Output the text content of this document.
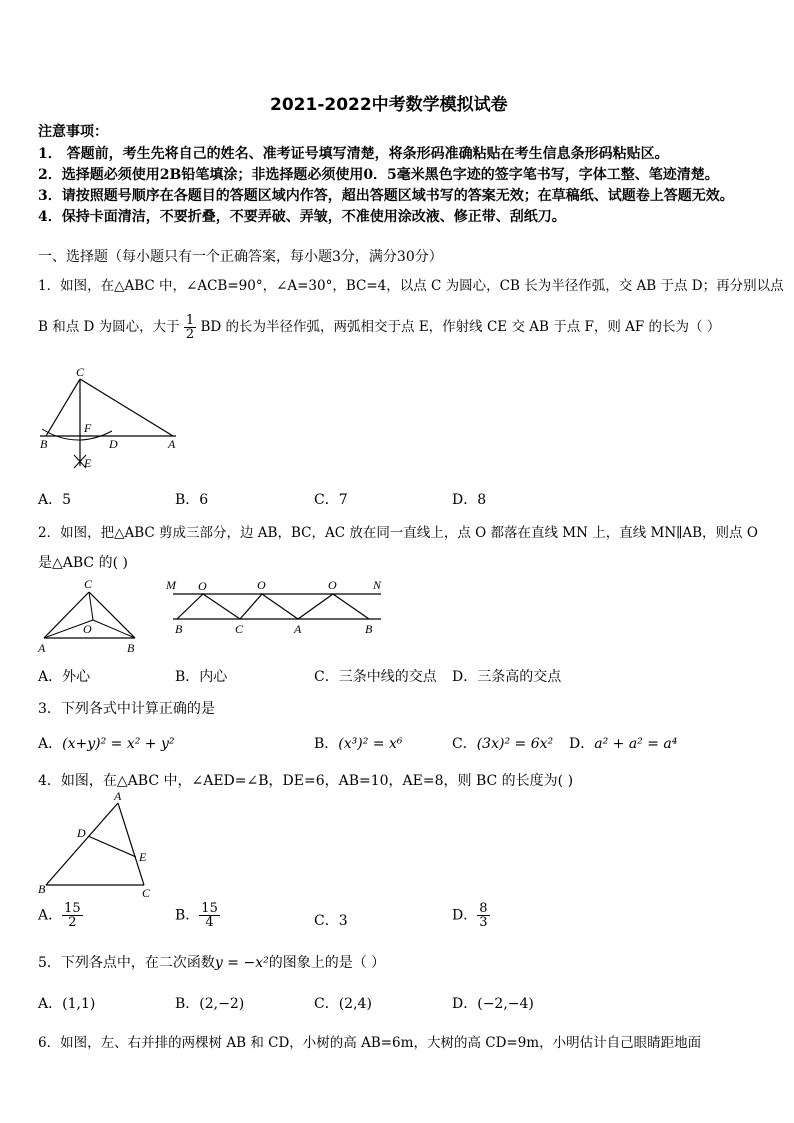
2021-2022中考数学模拟试卷
注意事项：
1． 答题前，考生先将自己的姓名、准考证号填写清楚，将条形码准确粘贴在考生信息条形码粘贴区。
2．选择题必须使用2B铅笔填涂；非选择题必须使用0．5毫米黑色字迹的签字笔书写，字体工整、笔迹清楚。
3．请按照题号顺序在各题目的答题区域内作答，超出答题区域书写的答案无效；在草稿纸、试题卷上答题无效。
4．保持卡面清洁，不要折叠，不要弄破、弄皱，不准使用涂改液、修正带、刮纸刀。
一、选择题（每小题只有一个正确答案，每小题3分，满分30分）
1．如图，在△ABC 中，∠ACB=90°，∠A=30°，BC=4，以点 C 为圆心，CB 长为半径作弧，交 AB 于点 D；再分别以点
B 和点 D 为圆心，大于 $\frac{1}{2}$ BD 的长为半径作弧，两弧相交于点 E，作射线 CE 交 AB 于点 F，则 AF 的长为（ ）
C
F
B	D	A
E
C
O
A	B
M O	O	O	N
B	C	A	B
A
D
E
B	C
A．5	B．6	C．7	D．8
2．如图，把△ABC 剪成三部分，边 AB，BC，AC 放在同一直线上，点 O 都落在直线 MN 上，直线 MN∥AB，则点 O
是△ABC 的( )
A．外心	B．内心	C．三条中线的交点 D．三条高的交点
3．下列各式中计算正确的是
A．(x+y)² = x² + y²	B．(x³)² = x⁶	C．(3x)² = 6x² D．a² + a² = a⁴
4．如图，在△ABC 中，∠AED=∠B，DE=6，AB=10，AE=8，则 BC 的长度为( )
A． $\frac{15}{2}$	B． $\frac{15}{4}$	C．3	D． $\frac{8}{3}$
5．下列各点中，在二次函数y = −x²的图象上的是（ ）
A．(1,1)	B．(2,−2)	C．(2,4)	D．(−2,−4)
6．如图，左、右并排的两棵树 AB 和 CD，小树的高 AB=6m，大树的高 CD=9m，小明估计自己眼睛距地面
